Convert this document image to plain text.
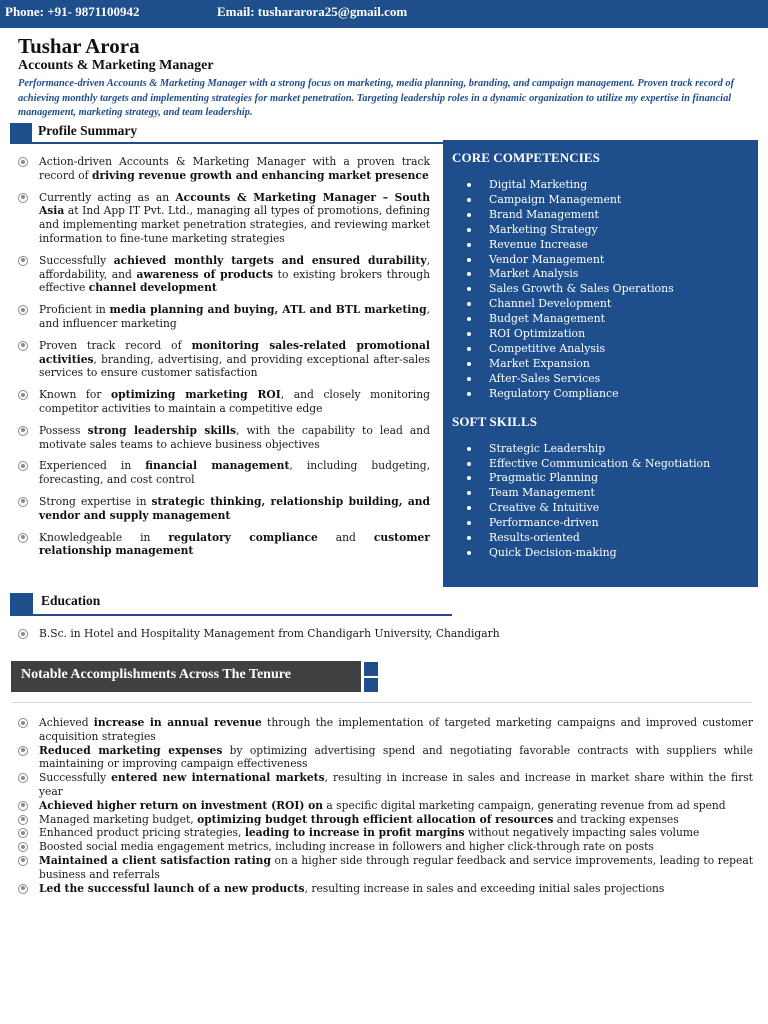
Phone: +91- 9871100942	Email: tushararora25@gmail.com
Tushar Arora
Accounts & Marketing Manager
Performance-driven Accounts & Marketing Manager with a strong focus on marketing, media planning, branding, and campaign management. Proven track record of achieving monthly targets and implementing strategies for market penetration. Targeting leadership roles in a dynamic organization to utilize my expertise in financial management, marketing strategy, and team leadership.
Profile Summary
Action-driven Accounts & Marketing Manager with a proven track record of driving revenue growth and enhancing market presence
Currently acting as an Accounts & Marketing Manager – South Asia at Ind App IT Pvt. Ltd., managing all types of promotions, defining and implementing market penetration strategies, and reviewing market information to fine-tune marketing strategies
Successfully achieved monthly targets and ensured durability, affordability, and awareness of products to existing brokers through effective channel development
Proficient in media planning and buying, ATL and BTL marketing, and influencer marketing
Proven track record of monitoring sales-related promotional activities, branding, advertising, and providing exceptional after-sales services to ensure customer satisfaction
Known for optimizing marketing ROI, and closely monitoring competitor activities to maintain a competitive edge
Possess strong leadership skills, with the capability to lead and motivate sales teams to achieve business objectives
Experienced in financial management, including budgeting, forecasting, and cost control
Strong expertise in strategic thinking, relationship building, and vendor and supply management
Knowledgeable in regulatory compliance and customer relationship management
CORE COMPETENCIES
Digital Marketing
Campaign Management
Brand Management
Marketing Strategy
Revenue Increase
Vendor Management
Market Analysis
Sales Growth & Sales Operations
Channel Development
Budget Management
ROI Optimization
Competitive Analysis
Market Expansion
After-Sales Services
Regulatory Compliance
SOFT SKILLS
Strategic Leadership
Effective Communication & Negotiation
Pragmatic Planning
Team Management
Creative & Intuitive
Performance-driven
Results-oriented
Quick Decision-making
Education
B.Sc. in Hotel and Hospitality Management from Chandigarh University, Chandigarh
Notable Accomplishments Across The Tenure
Achieved increase in annual revenue through the implementation of targeted marketing campaigns and improved customer acquisition strategies
Reduced marketing expenses by optimizing advertising spend and negotiating favorable contracts with suppliers while maintaining or improving campaign effectiveness
Successfully entered new international markets, resulting in increase in sales and increase in market share within the first year
Achieved higher return on investment (ROI) on a specific digital marketing campaign, generating revenue from ad spend
Managed marketing budget, optimizing budget through efficient allocation of resources and tracking expenses
Enhanced product pricing strategies, leading to increase in profit margins without negatively impacting sales volume
Boosted social media engagement metrics, including increase in followers and higher click-through rate on posts
Maintained a client satisfaction rating on a higher side through regular feedback and service improvements, leading to repeat business and referrals
Led the successful launch of a new products, resulting increase in sales and exceeding initial sales projections
